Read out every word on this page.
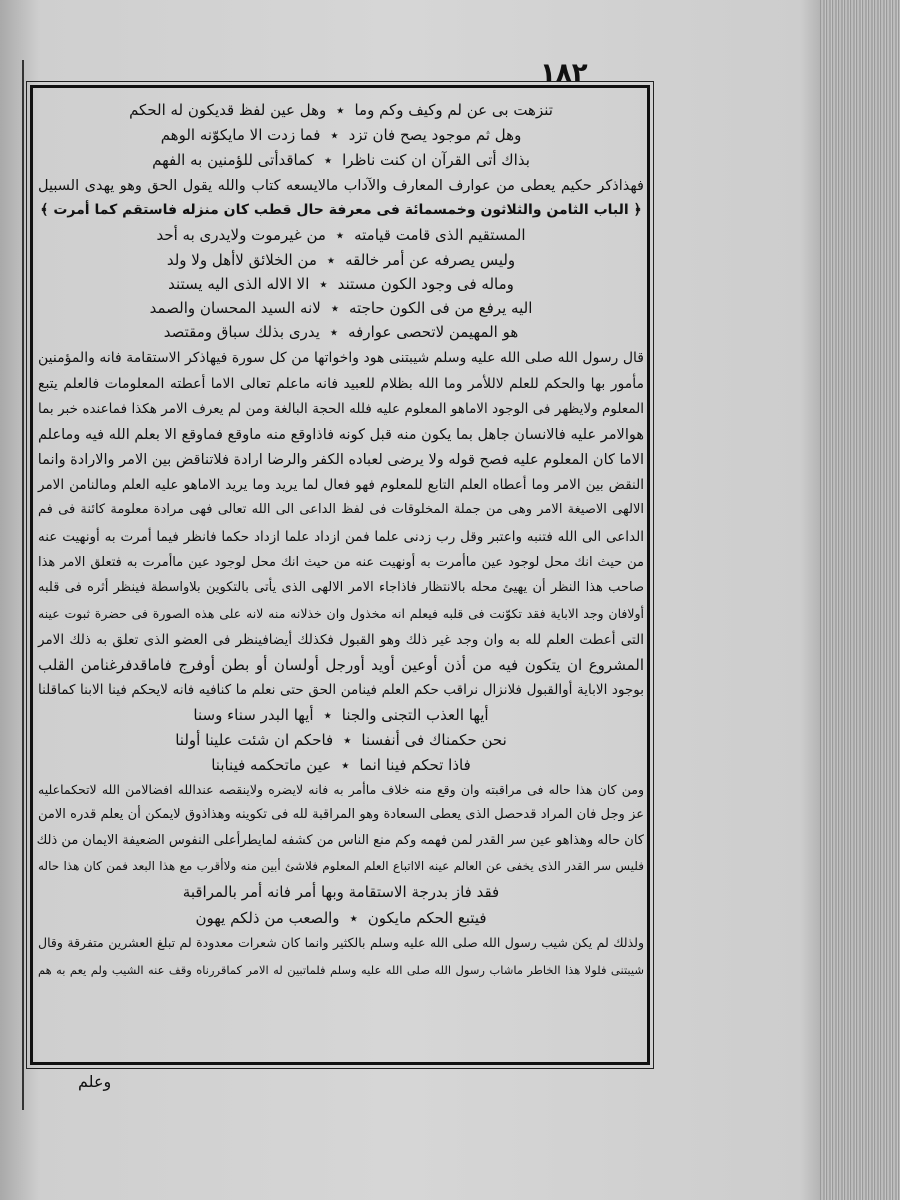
١٨٢
تنزهت بى عن لم وكيف وكم وما
٭
وهل عين لفظ قديكون له الحكم
وهل ثم موجود يصح فان تزد
٭
فما زدت الا مايكوّنه الوهم
بذاك أتى القرآن ان كنت ناظرا
٭
كماقدأتى للؤمنين به الفهم
فهذاذكر حكيم يعطى من عوارف المعارف والآداب مالايسعه كتاب والله يقول الحق وهو يهدى السبيل
﴿ الباب الثامن والثلاثون وخمسمائة فى معرفة حال قطب كان منزله فاستقم كما أمرت ﴾
المستقيم الذى قامت قيامته
٭
من غيرموت ولايدرى به أحد
وليس يصرفه عن أمر خالقه
٭
من الخلائق لاأهل ولا ولد
وماله فى وجود الكون مستند
٭
الا الاله الذى اليه يستند
اليه يرفع من فى الكون حاجته
٭
لانه السيد المحسان والصمد
هو المهيمن لاتحصى عوارفه
٭
يدرى بذلك سباق ومقتصد
قال رسول الله صلى الله عليه وسلم شيبتنى هود واخواتها من كل سورة فيهاذكر الاستقامة فانه والمؤمنين
مأمور بها والحكم للعلم لاللأمر وما الله بظلام للعبيد فانه ماعلم تعالى الاما أعطته المعلومات فالعلم يتبع
المعلوم ولايظهر فى الوجود الاماهو المعلوم عليه فلله الحجة البالغة ومن لم يعرف الامر هكذا فماعنده خبر بما
هوالامر عليه فالانسان جاهل بما يكون منه قبل كونه فاذاوقع منه ماوقع فماوقع الا بعلم الله فيه وماعلم
الاما كان المعلوم عليه فصح قوله ولا يرضى لعباده الكفر والرضا ارادة فلاتناقض بين الامر والارادة وانما
النقض بين الامر وما أعطاه العلم التابع للمعلوم فهو فعال لما يريد وما يريد الاماهو عليه العلم ومالنامن الامر
الالهى الاصيغة الامر وهى من جملة المخلوقات فى لفظ الداعى الى الله تعالى فهى مرادة معلومة كائنة فى فم
الداعى الى الله فتنبه واعتبر وقل رب زدنى علما فمن ازداد علما ازداد حكما فانظر فيما أمرت به أونهيت عنه
من حيث انك محل لوجود عين ماأمرت به أونهيت عنه من حيث انك محل لوجود عين ماأمرت به فتعلق الامر هذا
صاحب هذا النظر أن يهيئ محله بالانتظار فاذاجاء الامر الالهى الذى يأتى بالتكوين بلاواسطة فينظر أثره فى قلبه
أولافان وجد الاباية فقد تكوّنت فى قلبه فيعلم انه مخذول وان خذلانه منه لانه على هذه الصورة فى حضرة ثبوت عينه
التى أعطت العلم لله به وان وجد غير ذلك وهو القبول فكذلك أيضافينظر فى العضو الذى تعلق به ذلك الامر
المشروع ان يتكون فيه من أذن أوعين أويد أورجل أولسان أو بطن أوفرج فاماقدفرغنامن القلب
بوجود الاباية أوالقبول فلانزال نراقب حكم العلم فينامن الحق حتى نعلم ما كنافيه فانه لايحكم فينا الابنا كماقلنا
أيها العذب التجنى والجنا
٭
أيها البدر سناء وسنا
نحن حكمناك فى أنفسنا
٭
فاحكم ان شئت علينا أولنا
فاذا تحكم فينا انما
٭
عين ماتحكمه فينابنا
ومن كان هذا حاله فى مراقبته وان وقع منه خلاف ماأمر به فانه لايضره ولاينقصه عندالله افضالامن الله لاتحكماعليه
عز وجل فان المراد قدحصل الذى يعطى السعادة وهو المراقبة لله فى تكوينه وهذاذوق لايمكن أن يعلم قدره الامن
كان حاله وهذاهو عين سر القدر لمن فهمه وكم منع الناس من كشفه لمايطرأعلى النفوس الضعيفة الايمان من ذلك
فليس سر القدر الذى يخفى عن العالم عينه الااتباع العلم المعلوم فلاشئ أبين منه ولاأقرب مع هذا البعد فمن كان هذا حاله
فقد فاز بدرجة الاستقامة وبها أمر فانه أمر بالمراقبة
فيتبع الحكم مايكون
٭
والصعب من ذلكم يهون
ولذلك لم يكن شيب رسول الله صلى الله عليه وسلم بالكثير وانما كان شعرات معدودة لم تبلغ العشرين متفرقة وقال
شيبتنى فلولا هذا الخاطر ماشاب رسول الله صلى الله عليه وسلم فلماتبين له الامر كماقررناه وقف عنه الشيب ولم يعم به هم
وعلم
